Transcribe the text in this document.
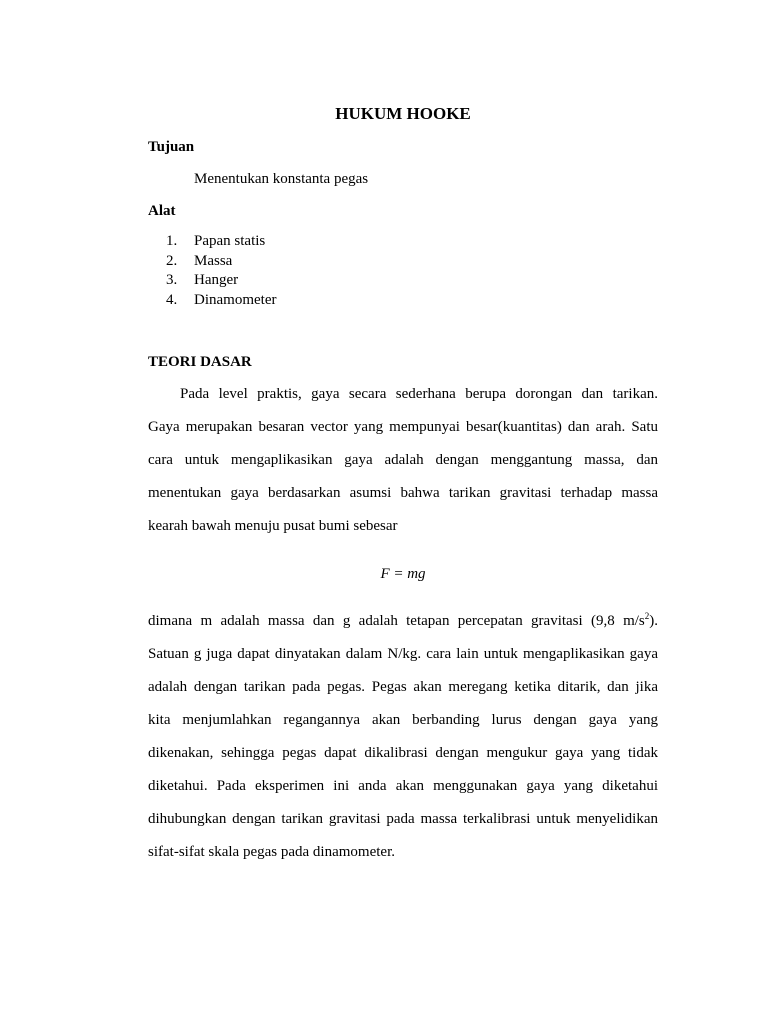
HUKUM HOOKE
Tujuan
Menentukan konstanta pegas
Alat
1. Papan statis
2. Massa
3. Hanger
4. Dinamometer
TEORI DASAR
Pada level praktis, gaya secara sederhana berupa dorongan dan tarikan.
Gaya merupakan besaran vector yang mempunyai besar(kuantitas) dan arah. Satu
cara untuk mengaplikasikan gaya adalah dengan menggantung massa, dan
menentukan gaya berdasarkan asumsi bahwa tarikan gravitasi terhadap massa
kearah bawah menuju pusat bumi sebesar
F = mg
dimana m adalah massa dan g adalah tetapan percepatan gravitasi (9,8 $m/s^2$).
Satuan g juga dapat dinyatakan dalam N/kg. cara lain untuk mengaplikasikan gaya
adalah dengan tarikan pada pegas. Pegas akan meregang ketika ditarik, dan jika
kita menjumlahkan regangannya akan berbanding lurus dengan gaya yang
dikenakan, sehingga pegas dapat dikalibrasi dengan mengukur gaya yang tidak
diketahui. Pada eksperimen ini anda akan menggunakan gaya yang diketahui
dihubungkan dengan tarikan gravitasi pada massa terkalibrasi untuk menyelidikan
sifat-sifat skala pegas pada dinamometer.
